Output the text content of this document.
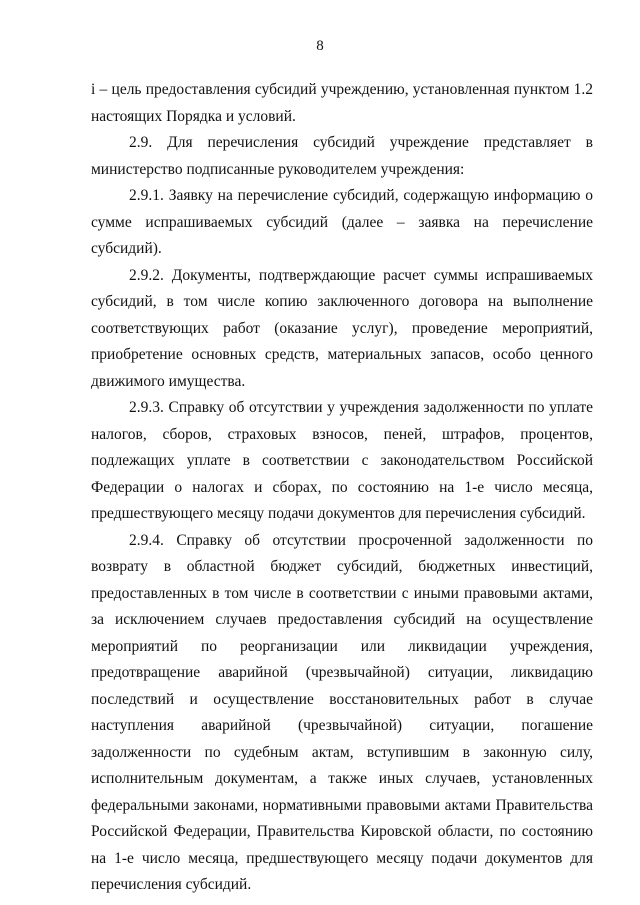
8

i – цель предоставления субсидий учреждению, установленная пунктом 1.2 настоящих Порядка и условий.

2.9. Для перечисления субсидий учреждение представляет в министерство подписанные руководителем учреждения:

2.9.1. Заявку на перечисление субсидий, содержащую информацию о сумме испрашиваемых субсидий (далее – заявка на перечисление субсидий).

2.9.2. Документы, подтверждающие расчет суммы испрашиваемых субсидий, в том числе копию заключенного договора на выполнение соответствующих работ (оказание услуг), проведение мероприятий, приобретение основных средств, материальных запасов, особо ценного движимого имущества.

2.9.3. Справку об отсутствии у учреждения задолженности по уплате налогов, сборов, страховых взносов, пеней, штрафов, процентов, подлежащих уплате в соответствии с законодательством Российской Федерации о налогах и сборах, по состоянию на 1-е число месяца, предшествующего месяцу подачи документов для перечисления субсидий.

2.9.4. Справку об отсутствии просроченной задолженности по возврату в областной бюджет субсидий, бюджетных инвестиций, предоставленных в том числе в соответствии с иными правовыми актами, за исключением случаев предоставления субсидий на осуществление мероприятий по реорганизации или ликвидации учреждения, предотвращение аварийной (чрезвычайной) ситуации, ликвидацию последствий и осуществление восстановительных работ в случае наступления аварийной (чрезвычайной) ситуации, погашение задолженности по судебным актам, вступившим в законную силу, исполнительным документам, а также иных случаев, установленных федеральными законами, нормативными правовыми актами Правительства Российской Федерации, Правительства Кировской области, по состоянию на 1-е число месяца, предшествующего месяцу подачи документов для перечисления субсидий.
